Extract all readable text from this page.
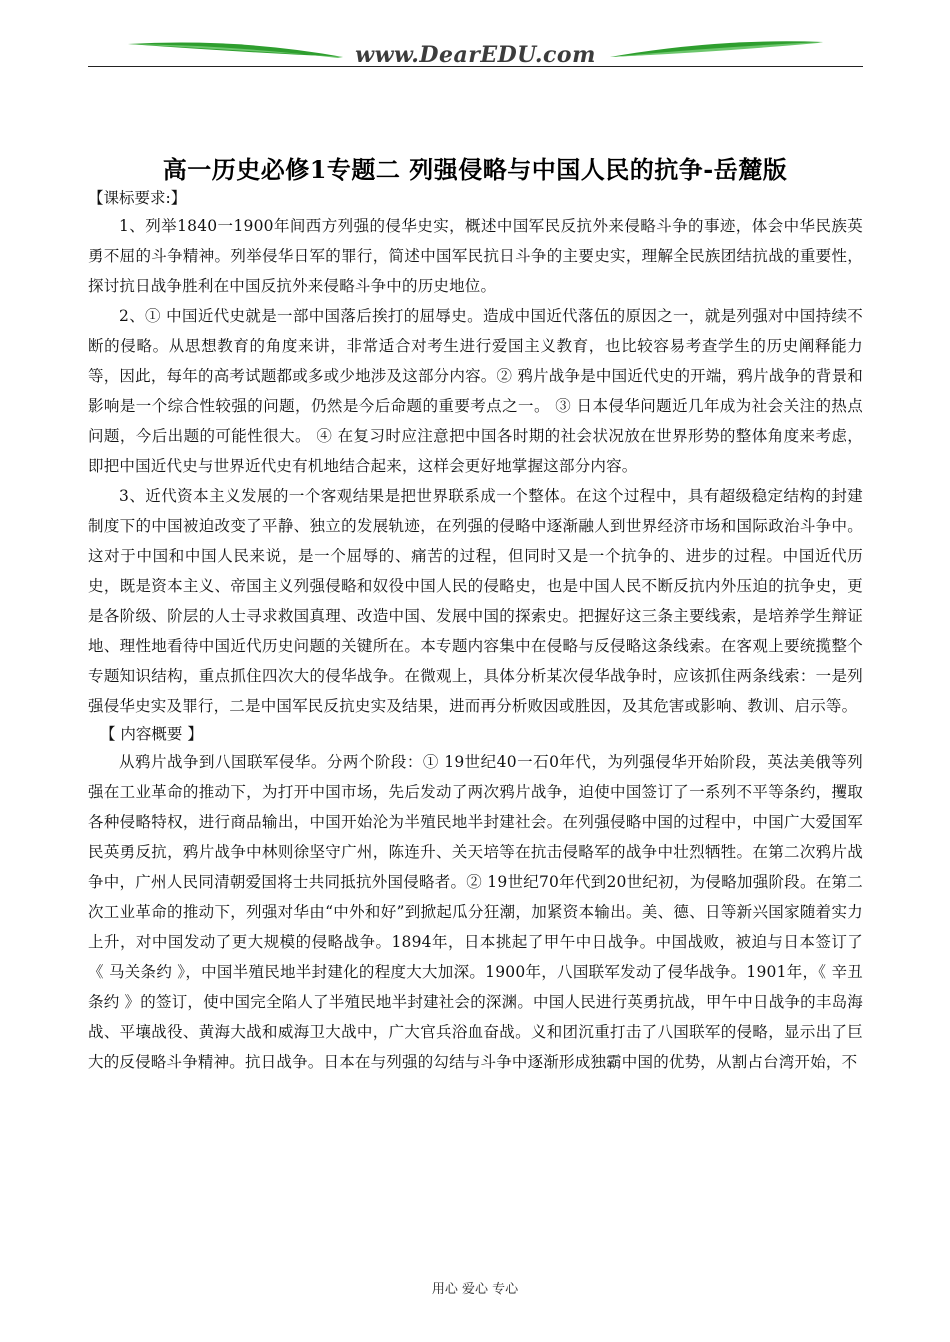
www.DearEDU.com
高一历史必修1专题二 列强侵略与中国人民的抗争-岳麓版

【课标要求:】

1、列举1840一1900年间西方列强的侵华史实，概述中国军民反抗外来侵略斗争的事迹，体会中华民族英勇不屈的斗争精神。列举侵华日军的罪行，简述中国军民抗日斗争的主要史实，理解全民族团结抗战的重要性，探讨抗日战争胜利在中国反抗外来侵略斗争中的历史地位。

2、① 中国近代史就是一部中国落后挨打的屈辱史。造成中国近代落伍的原因之一，就是列强对中国持续不断的侵略。从思想教育的角度来讲，非常适合对考生进行爱国主义教育，也比较容易考查学生的历史阐释能力等，因此，每年的高考试题都或多或少地涉及这部分内容。② 鸦片战争是中国近代史的开端，鸦片战争的背景和影响是一个综合性较强的问题，仍然是今后命题的重要考点之一。 ③ 日本侵华问题近几年成为社会关注的热点问题，今后出题的可能性很大。 ④ 在复习时应注意把中国各时期的社会状况放在世界形势的整体角度来考虑，即把中国近代史与世界近代史有机地结合起来，这样会更好地掌握这部分内容。

3、近代资本主义发展的一个客观结果是把世界联系成一个整体。在这个过程中，具有超级稳定结构的封建制度下的中国被迫改变了平静、独立的发展轨迹，在列强的侵略中逐渐融人到世界经济市场和国际政治斗争中。这对于中国和中国人民来说，是一个屈辱的、痛苦的过程，但同时又是一个抗争的、进步的过程。中国近代历史，既是资本主义、帝国主义列强侵略和奴役中国人民的侵略史，也是中国人民不断反抗内外压迫的抗争史，更是各阶级、阶层的人士寻求救国真理、改造中国、发展中国的探索史。把握好这三条主要线索，是培养学生辩证地、理性地看待中国近代历史问题的关键所在。本专题内容集中在侵略与反侵略这条线索。在客观上要统揽整个专题知识结构，重点抓住四次大的侵华战争。在微观上，具体分析某次侵华战争时，应该抓住两条线索：一是列强侵华史实及罪行，二是中国军民反抗史实及结果，进而再分析败因或胜因，及其危害或影响、教训、启示等。

【 内容概要 】

从鸦片战争到八国联军侵华。分两个阶段：① 19世纪40一石0年代，为列强侵华开始阶段，英法美俄等列强在工业革命的推动下，为打开中国市场，先后发动了两次鸦片战争，迫使中国签订了一系列不平等条约，攫取各种侵略特权，进行商品输出，中国开始沦为半殖民地半封建社会。在列强侵略中国的过程中，中国广大爱国军民英勇反抗，鸦片战争中林则徐坚守广州，陈连升、关天培等在抗击侵略军的战争中壮烈牺牲。在第二次鸦片战争中，广州人民同清朝爱国将士共同抵抗外国侵略者。② 19世纪70年代到20世纪初，为侵略加强阶段。在第二次工业革命的推动下，列强对华由“中外和好”到掀起瓜分狂潮，加紧资本输出。美、德、日等新兴国家随着实力上升，对中国发动了更大规模的侵略战争。1894年，日本挑起了甲午中日战争。中国战败，被迫与日本签订了《 马关条约 》，中国半殖民地半封建化的程度大大加深。1900年，八国联军发动了侵华战争。1901年，《 辛丑条约 》的签订，使中国完全陷人了半殖民地半封建社会的深渊。中国人民进行英勇抗战，甲午中日战争的丰岛海战、平壤战役、黄海大战和威海卫大战中，广大官兵浴血奋战。义和团沉重打击了八国联军的侵略，显示出了巨大的反侵略斗争精神。抗日战争。日本在与列强的勾结与斗争中逐渐形成独霸中国的优势，从割占台湾开始，不

用心 爱心 专心
